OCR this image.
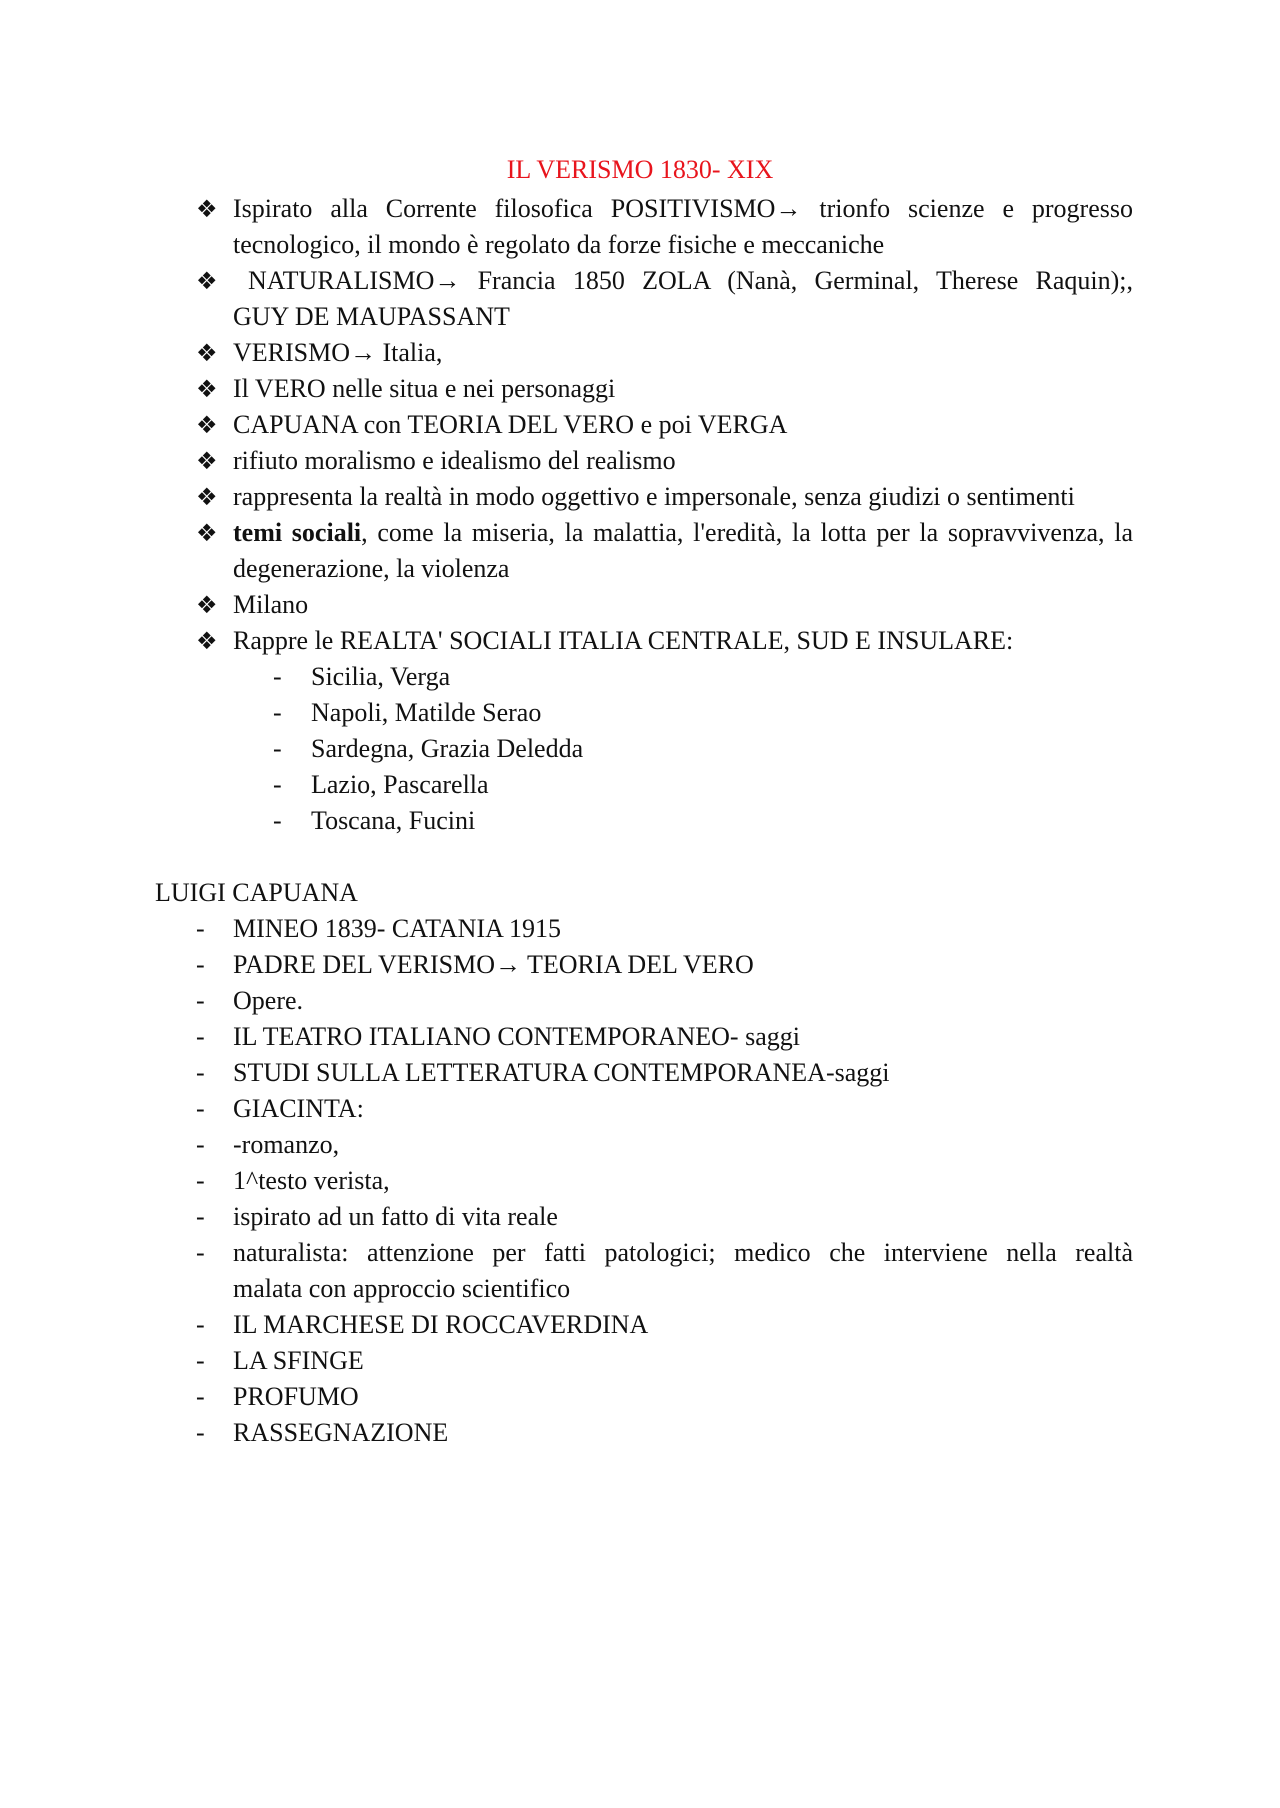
IL VERISMO 1830- XIX
❖ Ispirato alla Corrente filosofica POSITIVISMO→ trionfo scienze e progresso
tecnologico, il mondo è regolato da forze fisiche e meccaniche
❖ NATURALISMO→ Francia 1850 ZOLA (Nanà, Germinal, Therese Raquin);,
GUY DE MAUPASSANT
❖ VERISMO→ Italia,
❖ Il VERO nelle situa e nei personaggi
❖ CAPUANA con TEORIA DEL VERO e poi VERGA
❖ rifiuto moralismo e idealismo del realismo
❖ rappresenta la realtà in modo oggettivo e impersonale, senza giudizi o sentimenti
❖ temi sociali, come la miseria, la malattia, l'eredità, la lotta per la sopravvivenza, la
degenerazione, la violenza
❖ Milano
❖ Rappre le REALTA' SOCIALI ITALIA CENTRALE, SUD E INSULARE:
- Sicilia, Verga
- Napoli, Matilde Serao
- Sardegna, Grazia Deledda
- Lazio, Pascarella
- Toscana, Fucini
LUIGI CAPUANA
- MINEO 1839- CATANIA 1915
- PADRE DEL VERISMO→ TEORIA DEL VERO
- Opere.
- IL TEATRO ITALIANO CONTEMPORANEO- saggi
- STUDI SULLA LETTERATURA CONTEMPORANEA-saggi
- GIACINTA:
- -romanzo,
- 1^testo verista,
- ispirato ad un fatto di vita reale
- naturalista: attenzione per fatti patologici; medico che interviene nella realtà
malata con approccio scientifico
- IL MARCHESE DI ROCCAVERDINA
- LA SFINGE
- PROFUMO
- RASSEGNAZIONE
